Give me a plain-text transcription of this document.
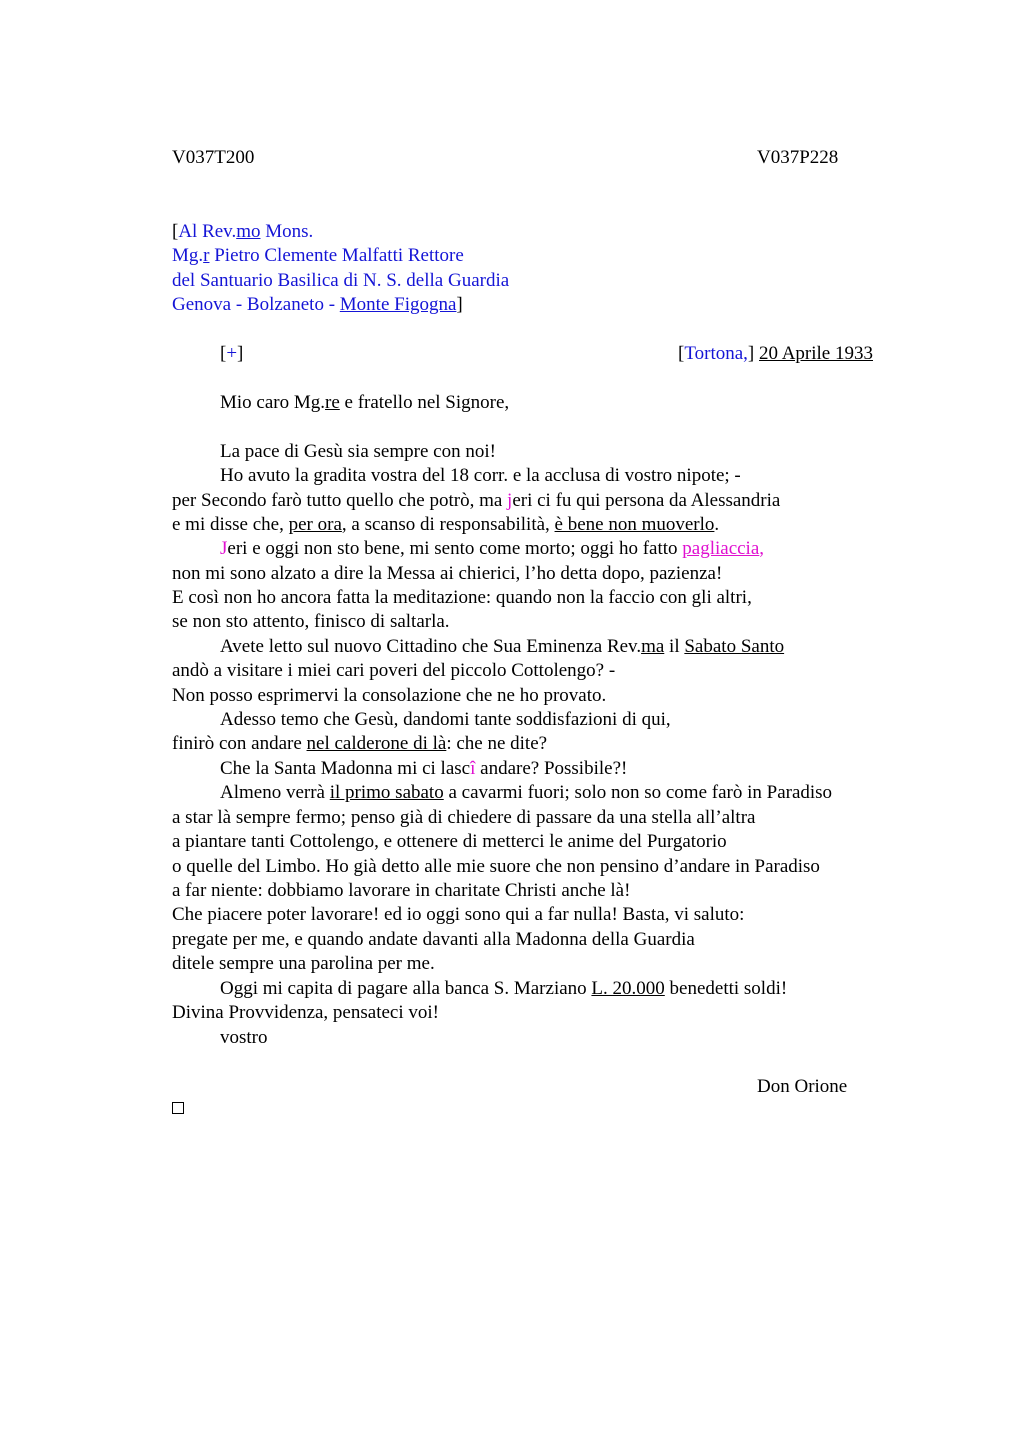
V037T200	V037P228
[Al Rev.mo Mons.
Mg.r Pietro Clemente Malfatti Rettore
del Santuario Basilica di N. S. della Guardia
Genova - Bolzaneto - Monte Figogna]
[+]	[Tortona,] 20 Aprile 1933
Mio caro Mg.re e fratello nel Signore,
La pace di Gesù sia sempre con noi!
Ho avuto la gradita vostra del 18 corr. e la acclusa di vostro nipote; -
per Secondo farò tutto quello che potrò, ma jeri ci fu qui persona da Alessandria
e mi disse che, per ora, a scanso di responsabilità, è bene non muoverlo.
Jeri e oggi non sto bene, mi sento come morto; oggi ho fatto pagliaccia,
non mi sono alzato a dire la Messa ai chierici, l’ho detta dopo, pazienza!
E così non ho ancora fatta la meditazione: quando non la faccio con gli altri,
se non sto attento, finisco di saltarla.
Avete letto sul nuovo Cittadino che Sua Eminenza Rev.ma il Sabato Santo
andò a visitare i miei cari poveri del piccolo Cottolengo? -
Non posso esprimervi la consolazione che ne ho provato.
Adesso temo che Gesù, dandomi tante soddisfazioni di qui,
finirò con andare nel calderone di là: che ne dite?
Che la Santa Madonna mi ci lascî andare? Possibile?!
Almeno verrà il primo sabato a cavarmi fuori; solo non so come farò in Paradiso
a star là sempre fermo; penso già di chiedere di passare da una stella all’altra
a piantare tanti Cottolengo, e ottenere di metterci le anime del Purgatorio
o quelle del Limbo. Ho già detto alle mie suore che non pensino d’andare in Paradiso
a far niente: dobbiamo lavorare in charitate Christi anche là!
Che piacere poter lavorare! ed io oggi sono qui a far nulla! Basta, vi saluto:
pregate per me, e quando andate davanti alla Madonna della Guardia
ditele sempre una parolina per me.
Oggi mi capita di pagare alla banca S. Marziano L. 20.000 benedetti soldi!
Divina Provvidenza, pensateci voi!
vostro
Don Orione
